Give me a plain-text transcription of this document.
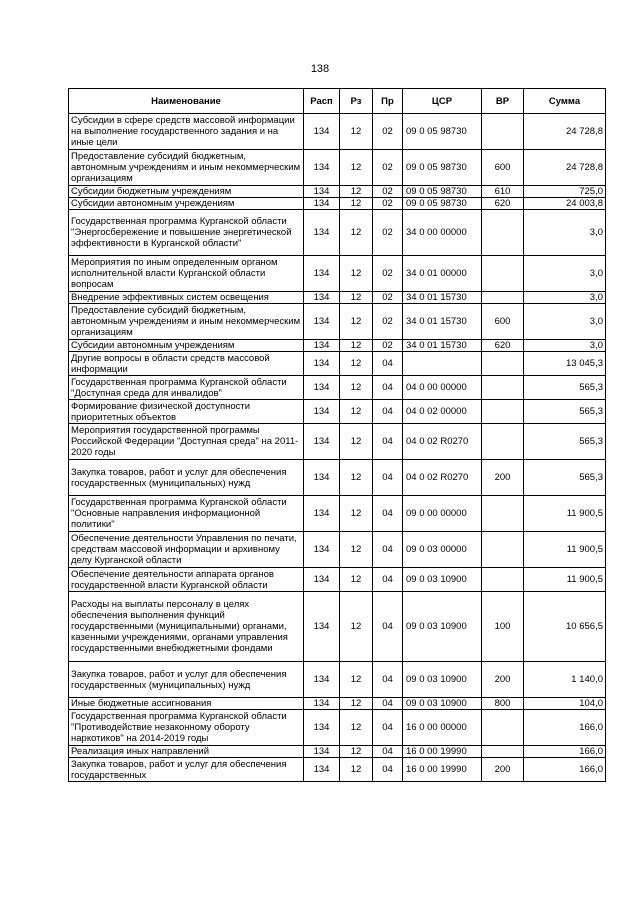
138
Наименование	Расп	Рз	Пр	ЦСР	ВР	Сумма
Субсидии в сфере средств массовой информации на выполнение государственного задания и на иные цели	134	12	02	09 0 05 98730		24 728,8
Предоставление субсидий бюджетным, автономным учреждениям и иным некоммерческим организациям	134	12	02	09 0 05 98730	600	24 728,8
Субсидии бюджетным учреждениям	134	12	02	09 0 05 98730	610	725,0
Субсидии автономным учреждениям	134	12	02	09 0 05 98730	620	24 003,8
Государственная программа Курганской области "Энергосбережение и повышение энергетической эффективности в Курганской области"	134	12	02	34 0 00 00000		3,0
Мероприятия по иным определенным органом исполнительной власти Курганской области вопросам	134	12	02	34 0 01 00000		3,0
Внедрение эффективных систем освещения	134	12	02	34 0 01 15730		3,0
Предоставление субсидий бюджетным, автономным учреждениям и иным некоммерческим организациям	134	12	02	34 0 01 15730	600	3,0
Субсидии автономным учреждениям	134	12	02	34 0 01 15730	620	3,0
Другие вопросы в области средств массовой информации	134	12	04			13 045,3
Государственная программа Курганской области "Доступная среда для инвалидов"	134	12	04	04 0 00 00000		565,3
Формирование физической доступности приоритетных объектов	134	12	04	04 0 02 00000		565,3
Мероприятия государственной программы Российской Федерации "Доступная среда" на 2011-2020 годы	134	12	04	04 0 02 R0270		565,3
Закупка товаров, работ и услуг для обеспечения государственных (муниципальных) нужд	134	12	04	04 0 02 R0270	200	565,3
Государственная программа Курганской области "Основные направления информационной политики"	134	12	04	09 0 00 00000		11 900,5
Обеспечение деятельности Управления по печати, средствам массовой информации и архивному делу Курганской области	134	12	04	09 0 03 00000		11 900,5
Обеспечение деятельности аппарата органов государственной власти Курганской области	134	12	04	09 0 03 10900		11 900,5
Расходы на выплаты персоналу в целях обеспечения выполнения функций государственными (муниципальными) органами, казенными учреждениями, органами управления государственными внебюджетными фондами	134	12	04	09 0 03 10900	100	10 656,5
Закупка товаров, работ и услуг для обеспечения государственных (муниципальных) нужд	134	12	04	09 0 03 10900	200	1 140,0
Иные бюджетные ассигнования	134	12	04	09 0 03 10900	800	104,0
Государственная программа Курганской области "Противодействие незаконному обороту наркотиков" на 2014-2019 годы	134	12	04	16 0 00 00000		166,0
Реализация иных направлений	134	12	04	16 0 00 19990		166,0
Закупка товаров, работ и услуг для обеспечения государственных	134	12	04	16 0 00 19990	200	166,0
